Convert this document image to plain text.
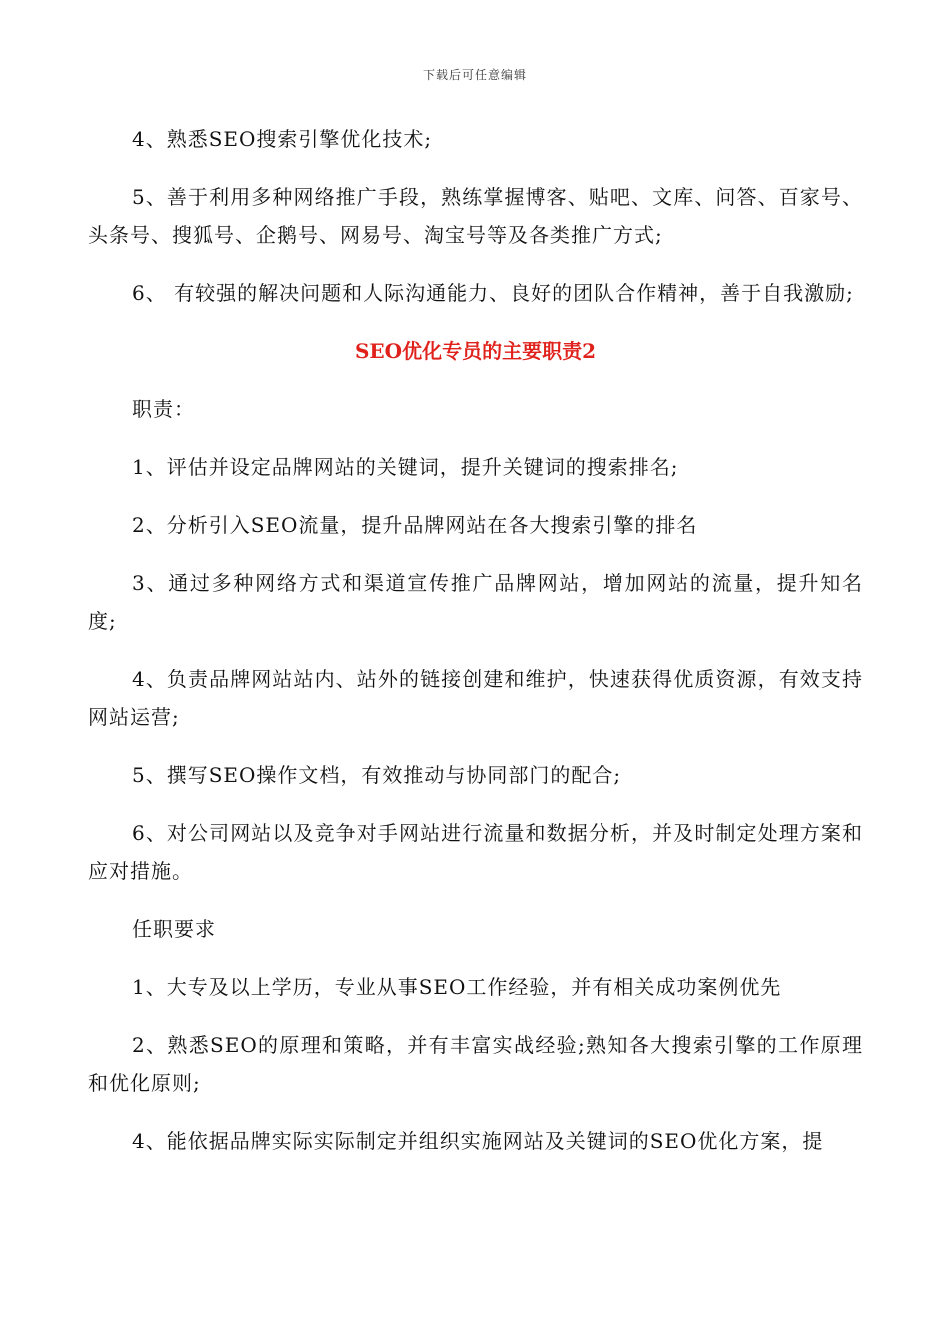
下载后可任意编辑

4、熟悉SEO搜索引擎优化技术;

5、善于利用多种网络推广手段，熟练掌握博客、贴吧、文库、问答、百家号、头条号、搜狐号、企鹅号、网易号、淘宝号等及各类推广方式;

6、 有较强的解决问题和人际沟通能力、良好的团队合作精神，善于自我激励;

SEO优化专员的主要职责2

职责：

1、评估并设定品牌网站的关键词，提升关键词的搜索排名;

2、分析引入SEO流量，提升品牌网站在各大搜索引擎的排名

3、通过多种网络方式和渠道宣传推广品牌网站，增加网站的流量，提升知名度;

4、负责品牌网站站内、站外的链接创建和维护，快速获得优质资源，有效支持网站运营;

5、撰写SEO操作文档，有效推动与协同部门的配合;

6、对公司网站以及竞争对手网站进行流量和数据分析，并及时制定处理方案和应对措施。

任职要求

1、大专及以上学历，专业从事SEO工作经验，并有相关成功案例优先

2、熟悉SEO的原理和策略，并有丰富实战经验;熟知各大搜索引擎的工作原理和优化原则;

4、能依据品牌实际实际制定并组织实施网站及关键词的SEO优化方案，提
